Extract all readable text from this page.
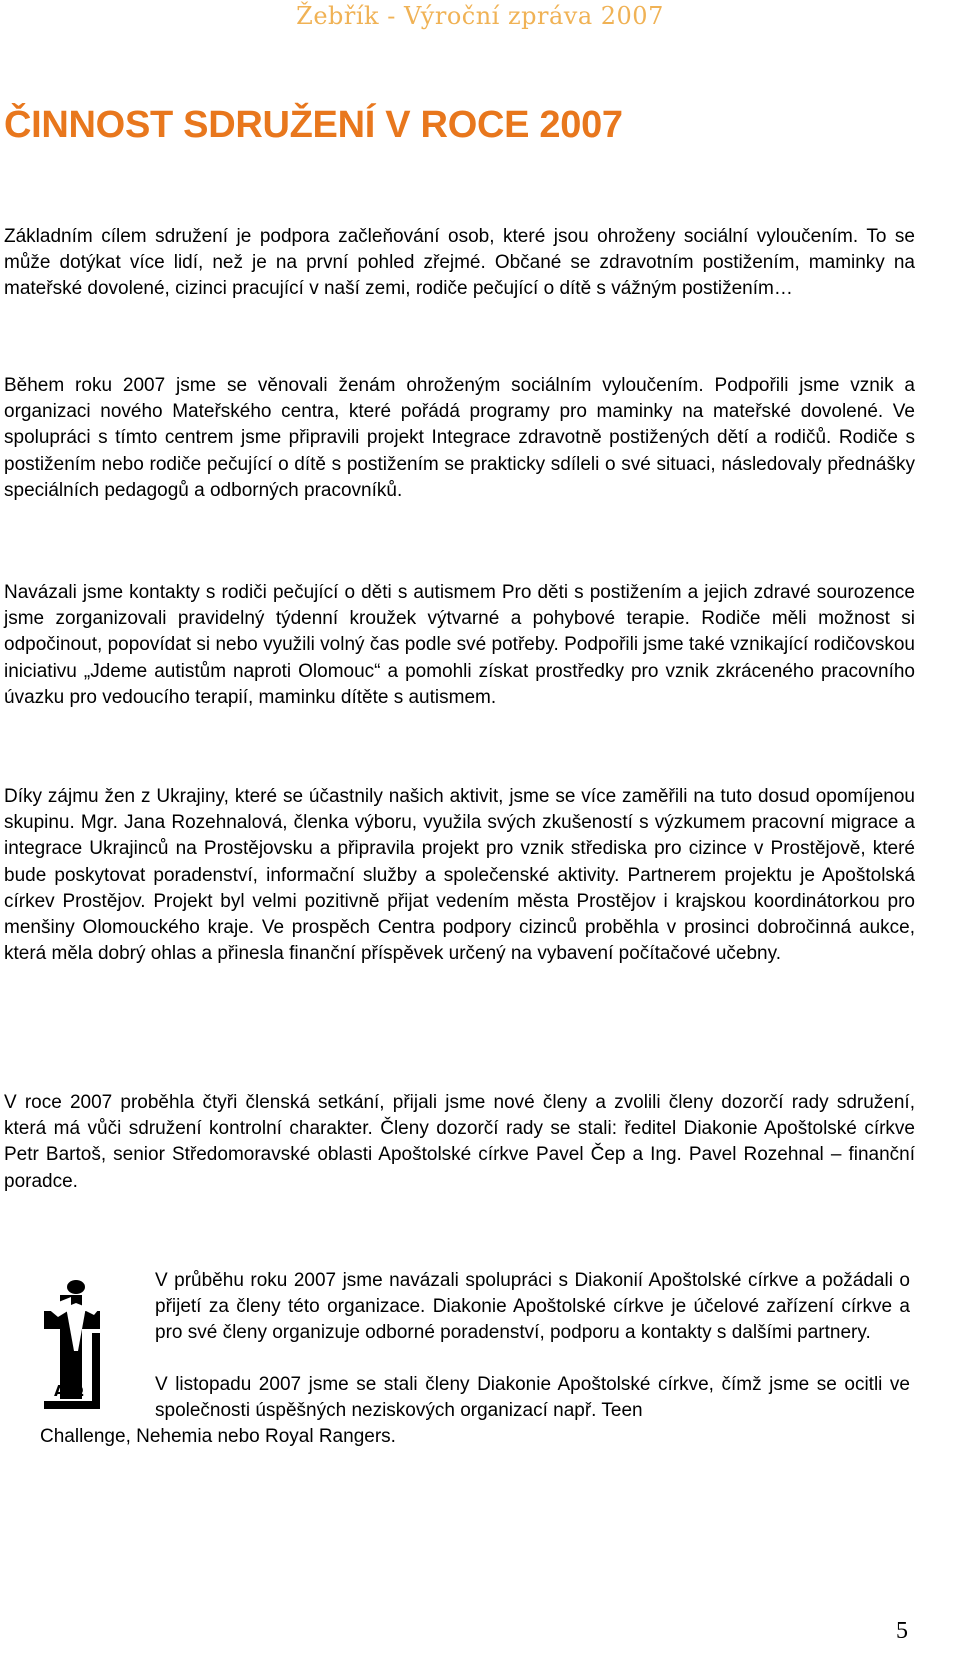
Žebřík - Výroční zpráva 2007
ČINNOST SDRUŽENÍ V ROCE 2007

Základním cílem sdružení je podpora začleňování osob, které jsou ohroženy sociální vyloučením. To se může dotýkat více lidí, než je na první pohled zřejmé. Občané se zdravotním postižením, maminky na mateřské dovolené, cizinci pracující v naší zemi, rodiče pečující o dítě s vážným postižením…

Během roku 2007 jsme se věnovali ženám ohroženým sociálním vyloučením. Podpořili jsme vznik a organizaci nového Mateřského centra, které pořádá programy pro maminky na mateřské dovolené. Ve spolupráci s tímto centrem jsme připravili projekt Integrace zdravotně postižených dětí a rodičů. Rodiče s postižením nebo rodiče pečující o dítě s postižením se prakticky sdíleli o své situaci, následovaly přednášky speciálních pedagogů a odborných pracovníků.

Navázali jsme kontakty s rodiči pečující o děti s autismem Pro děti s postižením a jejich zdravé sourozence jsme zorganizovali pravidelný týdenní kroužek výtvarné a pohybové terapie. Rodiče měli možnost si odpočinout, popovídat si nebo využili volný čas podle své potřeby. Podpořili jsme také vznikající rodičovskou iniciativu „Jdeme autistům naproti Olomouc“ a pomohli získat prostředky pro vznik zkráceného pracovního úvazku pro vedoucího terapií, maminku dítěte s autismem.

Díky zájmu žen z Ukrajiny, které se účastnily našich aktivit, jsme se více zaměřili na tuto dosud opomíjenou skupinu. Mgr. Jana Rozehnalová, členka výboru, využila svých zkušeností s výzkumem pracovní migrace a integrace Ukrajinců na Prostějovsku a připravila projekt pro vznik střediska pro cizince v Prostějově, které bude poskytovat poradenství, informační služby a společenské aktivity. Partnerem projektu je Apoštolská církev Prostějov. Projekt byl velmi pozitivně přijat vedením města Prostějov i krajskou koordinátorkou pro menšiny Olomouckého kraje. Ve prospěch Centra podpory cizinců proběhla v prosinci dobročinná aukce, která měla dobrý ohlas a přinesla finanční příspěvek určený na vybavení počítačové učebny.

V roce 2007 proběhla čtyři členská setkání, přijali jsme nové členy a zvolili členy dozorčí rady sdružení, která má vůči sdružení kontrolní charakter. Členy dozorčí rady se stali: ředitel Diakonie Apoštolské církve Petr Bartoš, senior Středomoravské oblasti Apoštolské církve Pavel Čep a Ing. Pavel Rozehnal – finanční poradce.

A Ω

V průběhu roku 2007 jsme navázali spolupráci s Diakonií Apoštolské církve a požádali o přijetí za členy této organizace. Diakonie Apoštolské církve je účelové zařízení církve a pro své členy organizuje odborné poradenství, podporu a kontakty s dalšími partnery.

V listopadu 2007 jsme se stali členy Diakonie Apoštolské církve, čímž jsme se ocitli ve společnosti úspěšných neziskových organizací např. Teen

Challenge, Nehemia nebo Royal Rangers.

5
